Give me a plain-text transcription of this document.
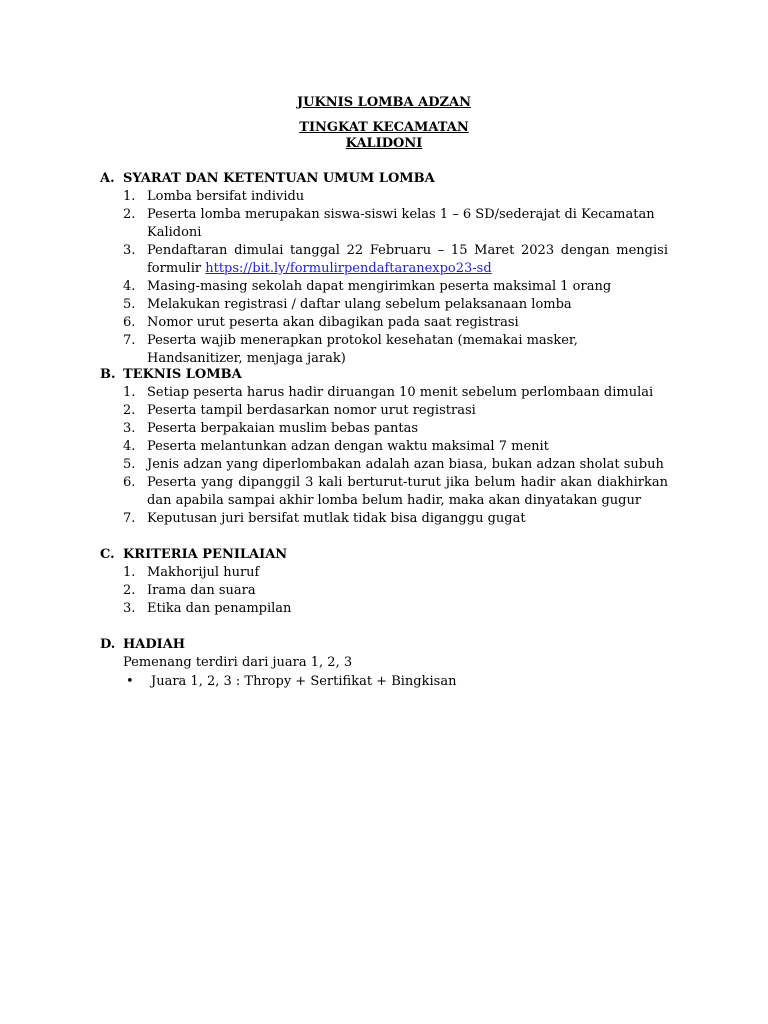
JUKNIS LOMBA ADZAN
TINGKAT KECAMATAN
KALIDONI
A. SYARAT DAN KETENTUAN UMUM LOMBA
1. Lomba bersifat individu
2. Peserta lomba merupakan siswa-siswi kelas 1 – 6 SD/sederajat di Kecamatan Kalidoni
3. Pendaftaran dimulai tanggal 22 Februaru – 15 Maret 2023 dengan mengisi formulir https://bit.ly/formulirpendaftaranexpo23-sd
4. Masing-masing sekolah dapat mengirimkan peserta maksimal 1 orang
5. Melakukan registrasi / daftar ulang sebelum pelaksanaan lomba
6. Nomor urut peserta akan dibagikan pada saat registrasi
7. Peserta wajib menerapkan protokol kesehatan (memakai masker, Handsanitizer, menjaga jarak)
B. TEKNIS LOMBA
1. Setiap peserta harus hadir diruangan 10 menit sebelum perlombaan dimulai
2. Peserta tampil berdasarkan nomor urut registrasi
3. Peserta berpakaian muslim bebas pantas
4. Peserta melantunkan adzan dengan waktu maksimal 7 menit
5. Jenis adzan yang diperlombakan adalah azan biasa, bukan adzan sholat subuh
6. Peserta yang dipanggil 3 kali berturut-turut jika belum hadir akan diakhirkan dan apabila sampai akhir lomba belum hadir, maka akan dinyatakan gugur
7. Keputusan juri bersifat mutlak tidak bisa diganggu gugat
C. KRITERIA PENILAIAN
1. Makhorijul huruf
2. Irama dan suara
3. Etika dan penampilan
D. HADIAH
Pemenang terdiri dari juara 1, 2, 3
• Juara 1, 2, 3 : Thropy + Sertifikat + Bingkisan
